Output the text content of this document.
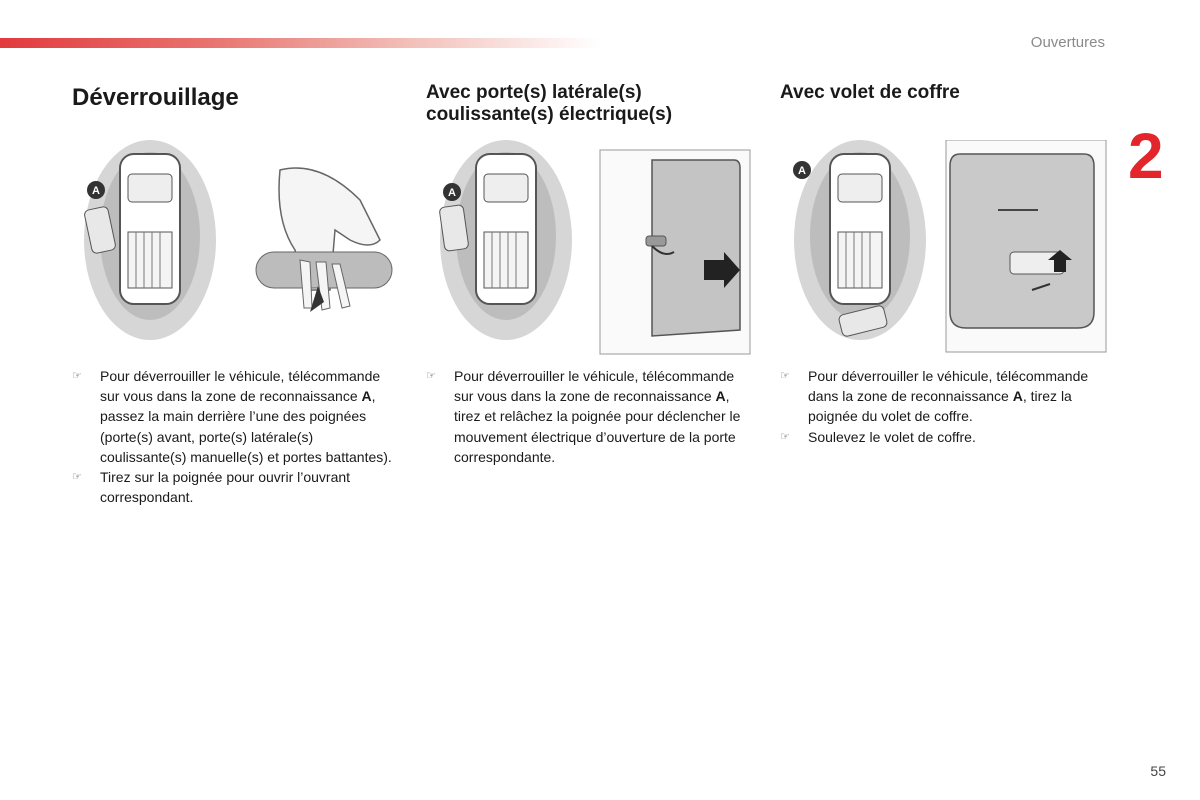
Ouvertures
2
Déverrouillage	Avec porte(s) latérale(s)
coulissante(s) électrique(s)
Avec volet de coffre
A	A
A
☞ Pour déverrouiller le véhicule, télécommande sur vous dans la zone de reconnaissance A, passez la main derrière l’une des poignées (porte(s) avant, porte(s) latérale(s) coulissante(s) manuelle(s) et portes battantes).
☞ Tirez sur la poignée pour ouvrir l’ouvrant correspondant.
☞ Pour déverrouiller le véhicule, télécommande sur vous dans la zone de reconnaissance A, tirez et relâchez la poignée pour déclencher le mouvement électrique d’ouverture de la porte correspondante.
☞ Pour déverrouiller le véhicule, télécommande dans la zone de reconnaissance A, tirez la poignée du volet de coffre.
☞ Soulevez le volet de coffre.
55
